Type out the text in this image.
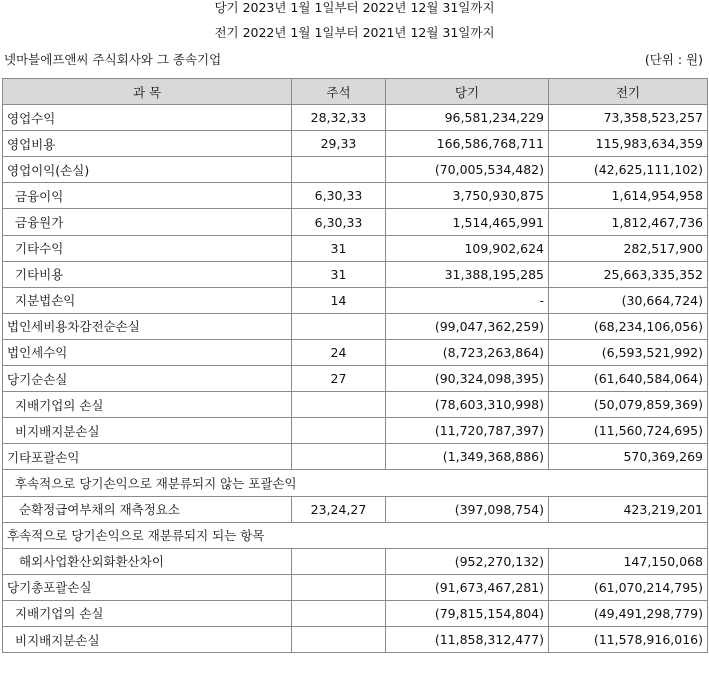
당기 2023년 1월 1일부터 2022년 12월 31일까지
전기 2022년 1월 1일부터 2021년 12월 31일까지
넷마블에프앤씨 주식회사와 그 종속기업	(단위 : 원)
과 목	주석	당기	전기
영업수익	28,32,33	96,581,234,229	73,358,523,257
영업비용	29,33	166,586,768,711	115,983,634,359
영업이익(손실)		(70,005,534,482)	(42,625,111,102)
금융이익	6,30,33	3,750,930,875	1,614,954,958
금융원가	6,30,33	1,514,465,991	1,812,467,736
기타수익	31	109,902,624	282,517,900
기타비용	31	31,388,195,285	25,663,335,352
지분법손익	14	-	(30,664,724)
법인세비용차감전순손실		(99,047,362,259)	(68,234,106,056)
법인세수익	24	(8,723,263,864)	(6,593,521,992)
당기순손실	27	(90,324,098,395)	(61,640,584,064)
지배기업의 손실		(78,603,310,998)	(50,079,859,369)
비지배지분손실		(11,720,787,397)	(11,560,724,695)
기타포괄손익		(1,349,368,886)	570,369,269
후속적으로 당기손익으로 재분류되지 않는 포괄손익			
순확정급여부채의 재측정요소	23,24,27	(397,098,754)	423,219,201
후속적으로 당기손익으로 재분류되지 되는 항목			
해외사업환산외화환산차이		(952,270,132)	147,150,068
당기총포괄손실		(91,673,467,281)	(61,070,214,795)
지배기업의 손실		(79,815,154,804)	(49,491,298,779)
비지배지분손실		(11,858,312,477)	(11,578,916,016)
